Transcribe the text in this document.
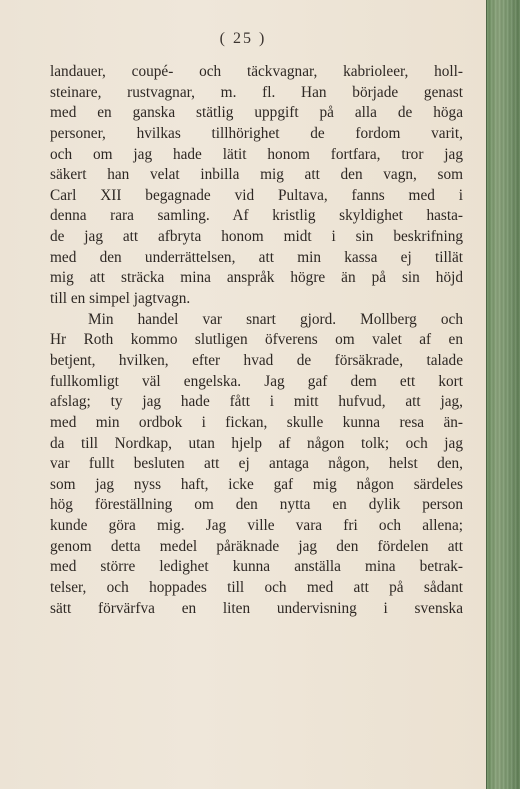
( 25 )
landauer, coupé- och täckvagnar, kabrioleer, holl-
steinare, rustvagnar, m. fl. Han började genast
med en ganska stätlig uppgift på alla de höga
personer, hvilkas tillhörighet de fordom varit,
och om jag hade lätit honom fortfara, tror jag
säkert han velat inbilla mig att den vagn, som
Carl XII begagnade vid Pultava, fanns med i
denna rara samling. Af kristlig skyldighet hasta-
de jag att afbryta honom midt i sin beskrifning
med den underrättelsen, att min kassa ej tillät
mig att sträcka mina anspråk högre än på sin höjd
till en simpel jagtvagn.
Min handel var snart gjord. Mollberg och
Hr Roth kommo slutligen öfverens om valet af en
betjent, hvilken, efter hvad de försäkrade, talade
fullkomligt väl engelska. Jag gaf dem ett kort
afslag; ty jag hade fått i mitt hufvud, att jag,
med min ordbok i fickan, skulle kunna resa än-
da till Nordkap, utan hjelp af någon tolk; och jag
var fullt besluten att ej antaga någon, helst den,
som jag nyss haft, icke gaf mig någon särdeles
hög föreställning om den nytta en dylik person
kunde göra mig. Jag ville vara fri och allena;
genom detta medel påräknade jag den fördelen att
med större ledighet kunna anställa mina betrak-
telser, och hoppades till och med att på sådant
sätt förvärfva en liten undervisning i svenska
